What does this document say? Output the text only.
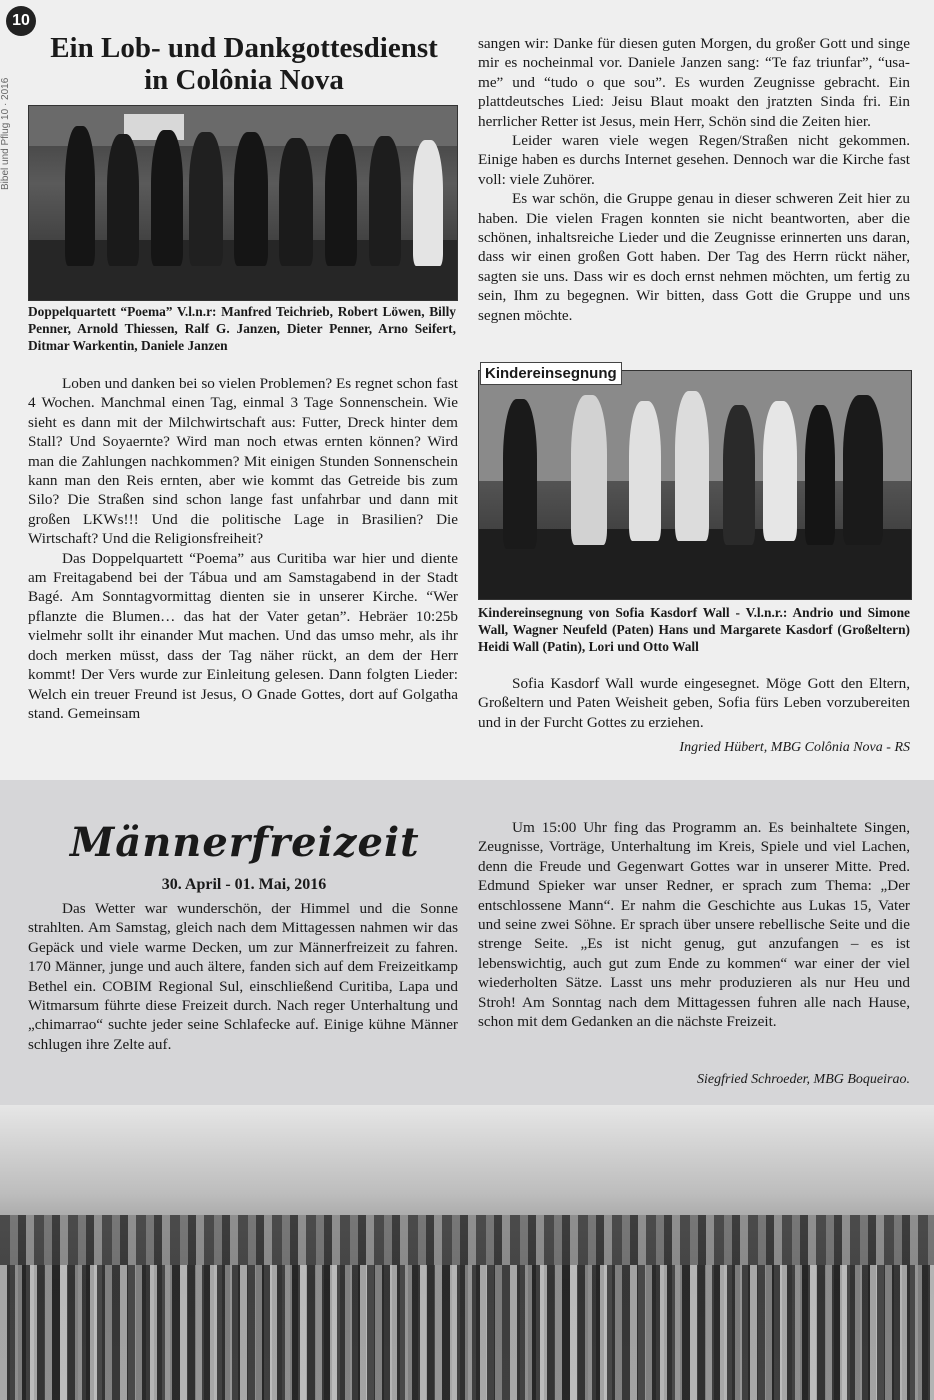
Bibel und Pflug 10 · 2016
10
Ein Lob- und Dankgottesdienst
in Colônia Nova
Doppelquartett “Poema” V.l.n.r: Manfred Teichrieb, Robert Löwen, Billy Penner, Arnold Thiessen, Ralf G. Janzen, Dieter Penner, Arno Seifert, Ditmar Warkentin, Daniele Janzen

Loben und danken bei so vielen Problemen? Es regnet schon fast 4 Wochen. Manchmal einen Tag, einmal 3 Tage Sonnenschein. Wie sieht es dann mit der Milchwirtschaft aus: Futter, Dreck hinter dem Stall? Und Soyaernte? Wird man noch etwas ernten können? Wird man die Zahlungen nachkommen? Mit einigen Stunden Sonnenschein kann man den Reis ernten, aber wie kommt das Getreide bis zum Silo? Die Straßen sind schon lange fast unfahrbar und dann mit großen LKWs!!! Und die politische Lage in Brasilien? Die Wirtschaft? Und die Religionsfreiheit?

Das Doppelquartett “Poema” aus Curitiba war hier und diente am Freitagabend bei der Tábua und am Samstagabend in der Stadt Bagé. Am Sonntagvormittag dienten sie in unserer Kirche. “Wer pflanzte die Blumen… das hat der Vater getan”. Hebräer 10:25b vielmehr sollt ihr einander Mut machen. Und das umso mehr, als ihr doch merken müsst, dass der Tag näher rückt, an dem der Herr kommt! Der Vers wurde zur Einleitung gelesen. Dann folgten Lieder: Welch ein treuer Freund ist Jesus, O Gnade Gottes, dort auf Golgatha stand. Gemeinsam

sangen wir: Danke für diesen guten Morgen, du großer Gott und singe mir es nocheinmal vor. Daniele Janzen sang: “Te faz triunfar”, “usa-me” und “tudo o que sou”. Es wurden Zeugnisse gebracht. Ein plattdeutsches Lied: Jeisu Blaut moakt den jratzten Sinda fri. Ein herrlicher Retter ist Jesus, mein Herr, Schön sind die Zeiten hier.

Leider waren viele wegen Regen/Straßen nicht gekommen. Einige haben es durchs Internet gesehen. Dennoch war die Kirche fast voll: viele Zuhörer.

Es war schön, die Gruppe genau in dieser schweren Zeit hier zu haben. Die vielen Fragen konnten sie nicht beantworten, aber die schönen, inhaltsreiche Lieder und die Zeugnisse erinnerten uns daran, dass wir einen großen Gott haben. Der Tag des Herrn rückt näher, sagten sie uns. Dass wir es doch ernst nehmen möchten, um fertig zu sein, Ihm zu begegnen. Wir bitten, dass Gott die Gruppe und uns segnen möchte.

Kindereinsegnung
Kindereinsegnung von Sofia Kasdorf Wall - V.l.n.r.: Andrio und Simone Wall, Wagner Neufeld (Paten) Hans und Margarete Kasdorf (Großeltern) Heidi Wall (Patin), Lori und Otto Wall

Sofia Kasdorf Wall wurde eingesegnet. Möge Gott den Eltern, Großeltern und Paten Weisheit geben, Sofia fürs Leben vorzubereiten und in der Furcht Gottes zu erziehen.

Ingried Hübert, MBG Colônia Nova - RS
Männerfreizeit
30. April - 01. Mai, 2016

Das Wetter war wunderschön, der Himmel und die Sonne strahlten. Am Samstag, gleich nach dem Mittagessen nahmen wir das Gepäck und viele warme Decken, um zur Männerfreizeit zu fahren. 170 Männer, junge und auch ältere, fanden sich auf dem Freizeitkamp Bethel ein. COBIM Regional Sul, einschließend Curitiba, Lapa und Witmarsum führte diese Freizeit durch. Nach reger Unterhaltung und „chimarrao“ suchte jeder seine Schlafecke auf. Einige kühne Männer schlugen ihre Zelte auf.

Um 15:00 Uhr fing das Programm an. Es beinhaltete Singen, Zeugnisse, Vorträge, Unterhaltung im Kreis, Spiele und viel Lachen, denn die Freude und Gegenwart Gottes war in unserer Mitte. Pred. Edmund Spieker war unser Redner, er sprach zum Thema: „Der entschlossene Mann“. Er nahm die Geschichte aus Lukas 15, Vater und seine zwei Söhne. Er sprach über unsere rebellische Seite und die strenge Seite. „Es ist nicht genug, gut anzufangen – es ist lebenswichtig, auch gut zum Ende zu kommen“ war einer der viel wiederholten Sätze. Lasst uns mehr produzieren als nur Heu und Stroh! Am Sonntag nach dem Mittagessen fuhren alle nach Hause, schon mit dem Gedanken an die nächste Freizeit.

Siegfried Schroeder, MBG Boqueirao.
